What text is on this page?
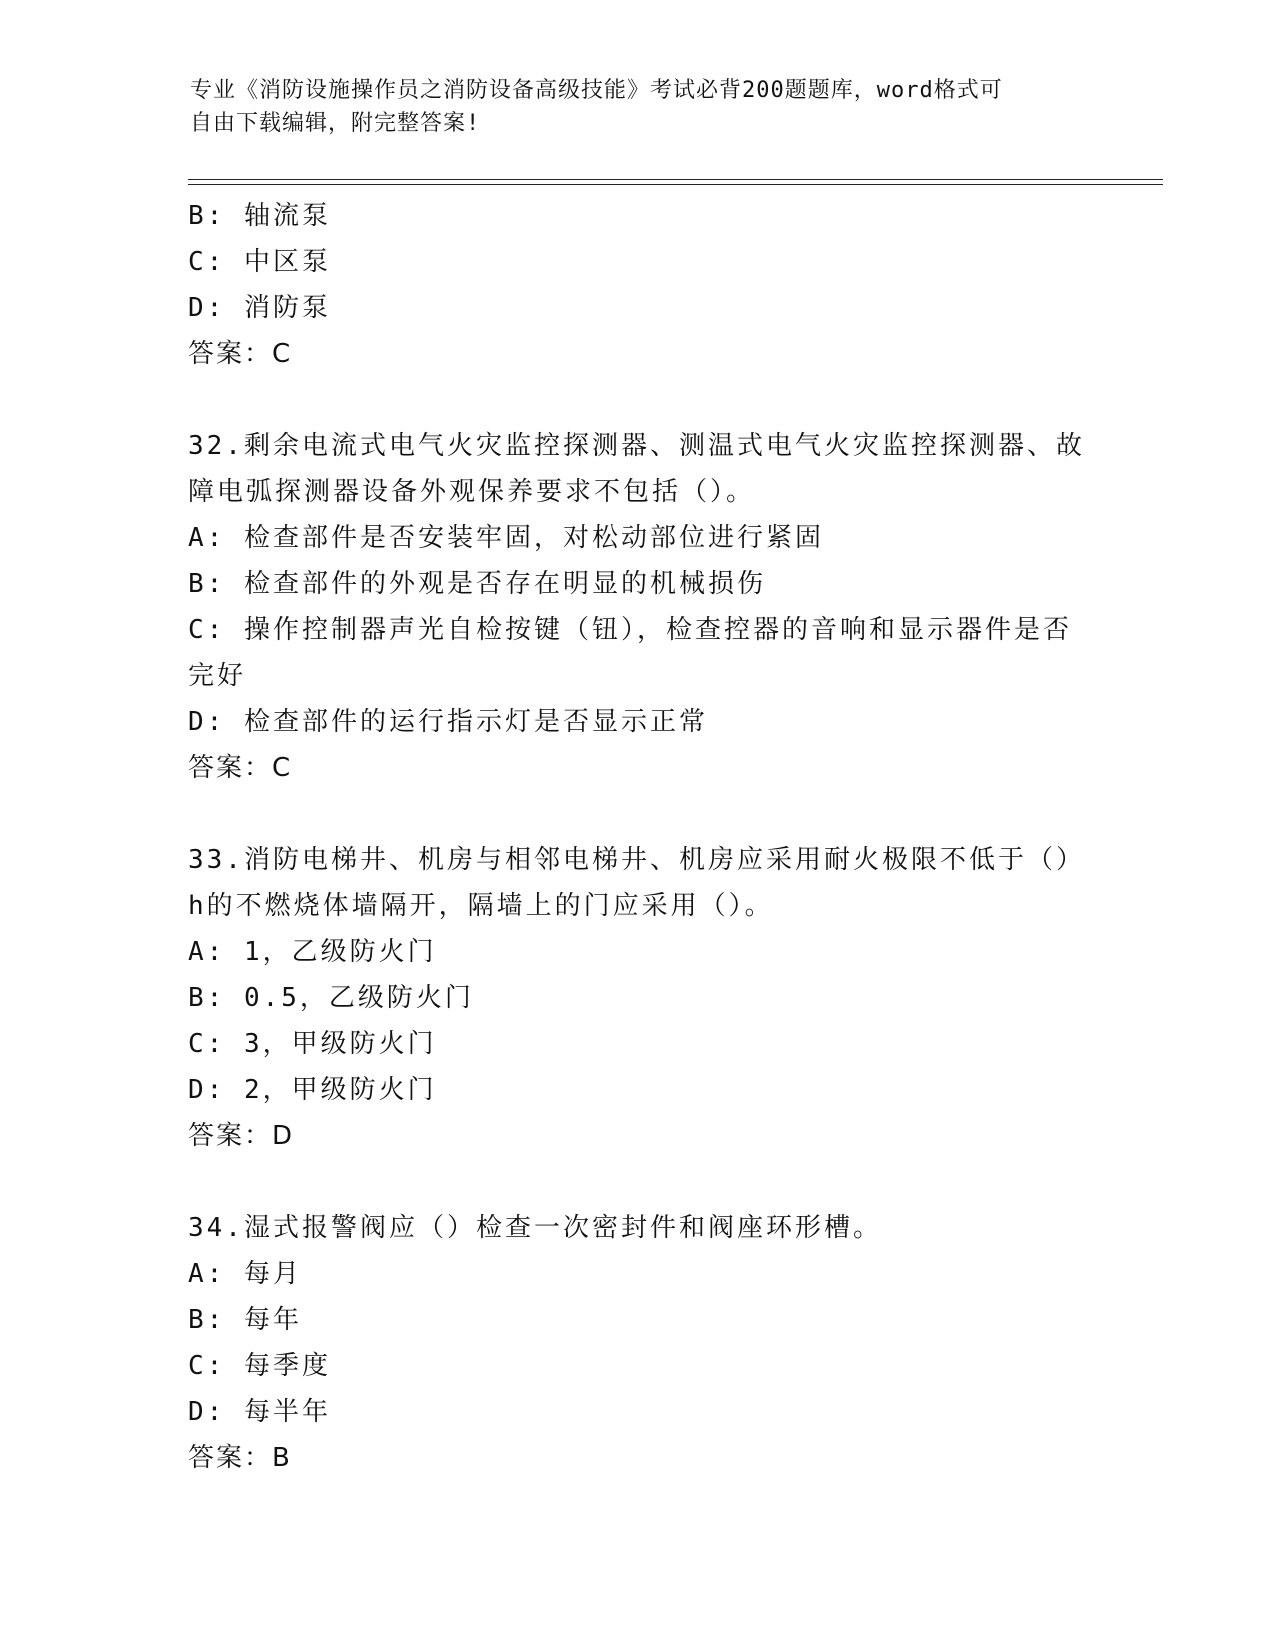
专业《消防设施操作员之消防设备高级技能》考试必背200题题库，word格式可
自由下载编辑，附完整答案!
B: 轴流泵
C: 中区泵
D: 消防泵
答案：C
32.剩余电流式电气火灾监控探测器、测温式电气火灾监控探测器、故
障电弧探测器设备外观保养要求不包括（）。
A: 检查部件是否安装牢固，对松动部位进行紧固
B: 检查部件的外观是否存在明显的机械损伤
C: 操作控制器声光自检按键（钮），检查控器的音响和显示器件是否
完好
D: 检查部件的运行指示灯是否显示正常
答案：C
33.消防电梯井、机房与相邻电梯井、机房应采用耐火极限不低于（）
h的不燃烧体墙隔开，隔墙上的门应采用（）。
A: 1，乙级防火门
B: 0.5，乙级防火门
C: 3，甲级防火门
D: 2，甲级防火门
答案：D
34.湿式报警阀应（）检查一次密封件和阀座环形槽。
A: 每月
B: 每年
C: 每季度
D: 每半年
答案：B
